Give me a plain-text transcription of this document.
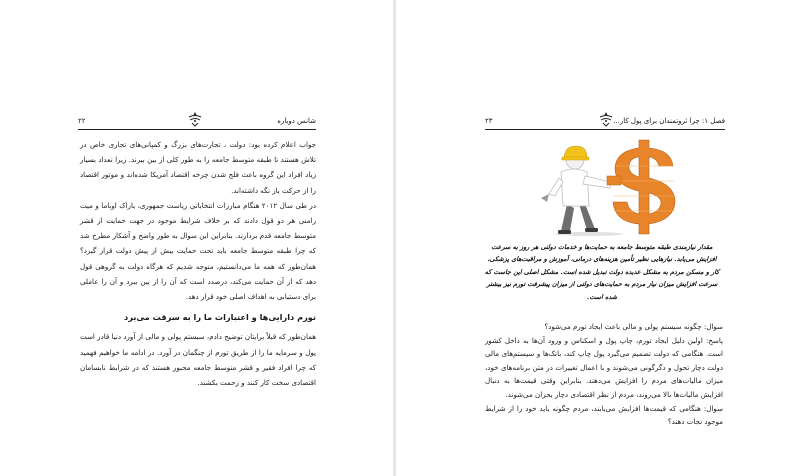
۲۲	شانس دوباره

جواب اعلام کرده بود: دولت ، تجارت‌های بزرگ و کمپانی‌های تجاری خاص در تلاش هستند تا طبقه متوسط جامعه را به طور کلی از بین ببرند. زیرا تعداد بسیار زیاد افراد این گروه باعث فلج شدن چرخه اقتصاد آمریکا شده‌اند و موتور اقتصاد را از حرکت باز نگه داشته‌اند.

در طی سال ۲۰۱۲ هنگام مبارزات انتخاباتی ریاست جمهوری، باراک اوباما و میت رامنی هر دو قول دادند که بر خلاف شرایط موجود در جهت حمایت از قشر متوسط جامعه قدم بردارند. بنابراین این سوال به طور واضح و آشکار مطرح شد که چرا طبقه متوسط جامعه باید تحت حمایت بیش از پیش دولت قرار گیرد؟ همان‌طور که همه ما می‌دانستیم، متوجه شدیم که هرگاه دولت به گروهی قول دهد که از آن حمایت می‌کند، درصدد است که آن را از بین ببرد و آن را عاملی برای دستیابی به اهداف اصلی خود قرار دهد.

تورم دارایی‌ها و اعتبارات ما را به سرقت می‌برد

همان‌طور که قبلاً برایتان توضیح دادم، سیستم پولی و مالی از آورد دنیا قادر است پول و سرمایه ما را از طریق تورم از چنگمان در آورد. در ادامه ما خواهیم فهمید که چرا افراد فقیر و قشر متوسط جامعه مجبور هستند که در شرایط نابسامان اقتصادی سخت کار کنند و زحمت بکشند.

۲۳	فصل ۱: چرا ثروتمندان برای پول کار...
مقدار نیازمندی طبقه متوسط جامعه به حمایت‌ها و خدمات دولتی هر روز به سرعت افزایش می‌یابد. نیازهایی نظیر تأمین هزینه‌های درمانی، آموزش و مراقبت‌های پزشکی، کار و مسکن مردم به مشکل عدیده دولت تبدیل شده است. مشکل اصلی این جاست که سرعت افزایش میزان نیاز مردم به حمایت‌های دولتی از میزان پیشرفت تورم نیز بیشتر شده است.

سوال: چگونه سیستم پولی و مالی باعث ایجاد تورم می‌شود؟

پاسخ: اولین دلیل ایجاد تورم، چاپ پول و اسکناس و ورود آن‌ها به داخل کشور است. هنگامی که دولت تصمیم می‌گیرد پول چاپ کند، بانک‌ها و سیستم‌های مالی دولت دچار تحول و دگرگونی می‌شوند و با اعمال تغییرات در متن برنامه‌های خود، میزان مالیات‌های مردم را افزایش می‌دهند. بنابراین وقتی قیمت‌ها به دنبال افزایش مالیات‌ها بالا می‌روند، مردم از نظر اقتصادی دچار بحران می‌شوند.

سوال: هنگامی که قیمت‌ها افزایش می‌یابند، مردم چگونه باید خود را از شرایط موجود نجات دهند؟
